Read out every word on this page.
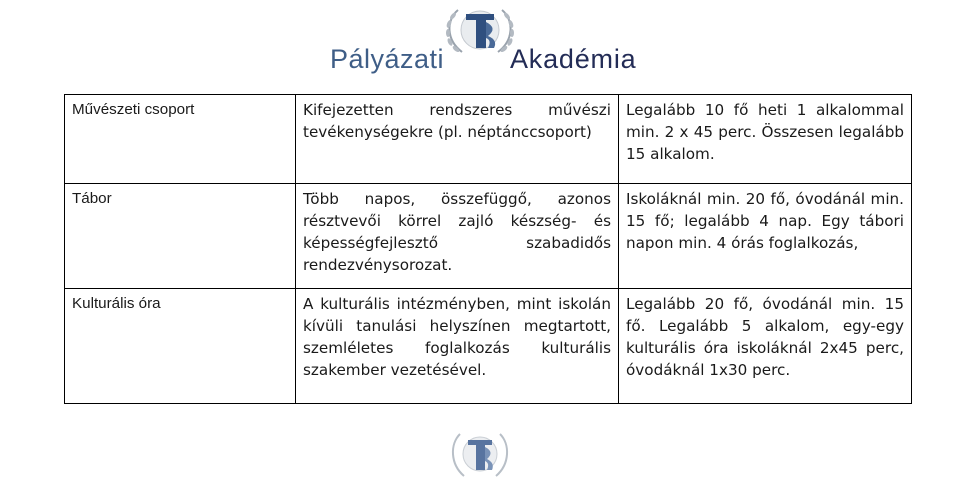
Pályázati Akadémia
Művészeti csoport	Kifejezetten rendszeres művészi tevékenységekre (pl. néptánccsoport)	Legalább 10 fő heti 1 alkalommal min. 2 x 45 perc. Összesen legalább 15 alkalom.
Tábor	Több napos, összefüggő, azonos résztvevői körrel zajló készség- és képességfejlesztő szabadidős rendezvénysorozat.	Iskoláknál min. 20 fő, óvodánál min. 15 fő; legalább 4 nap. Egy tábori napon min. 4 órás foglalkozás,
Kulturális óra	A kulturális intézményben, mint iskolán kívüli tanulási helyszínen megtartott, szemléletes foglalkozás kulturális szakember vezetésével.	Legalább 20 fő, óvodánál min. 15 fő. Legalább 5 alkalom, egy-egy kulturális óra iskoláknál 2x45 perc, óvodáknál 1x30 perc.
